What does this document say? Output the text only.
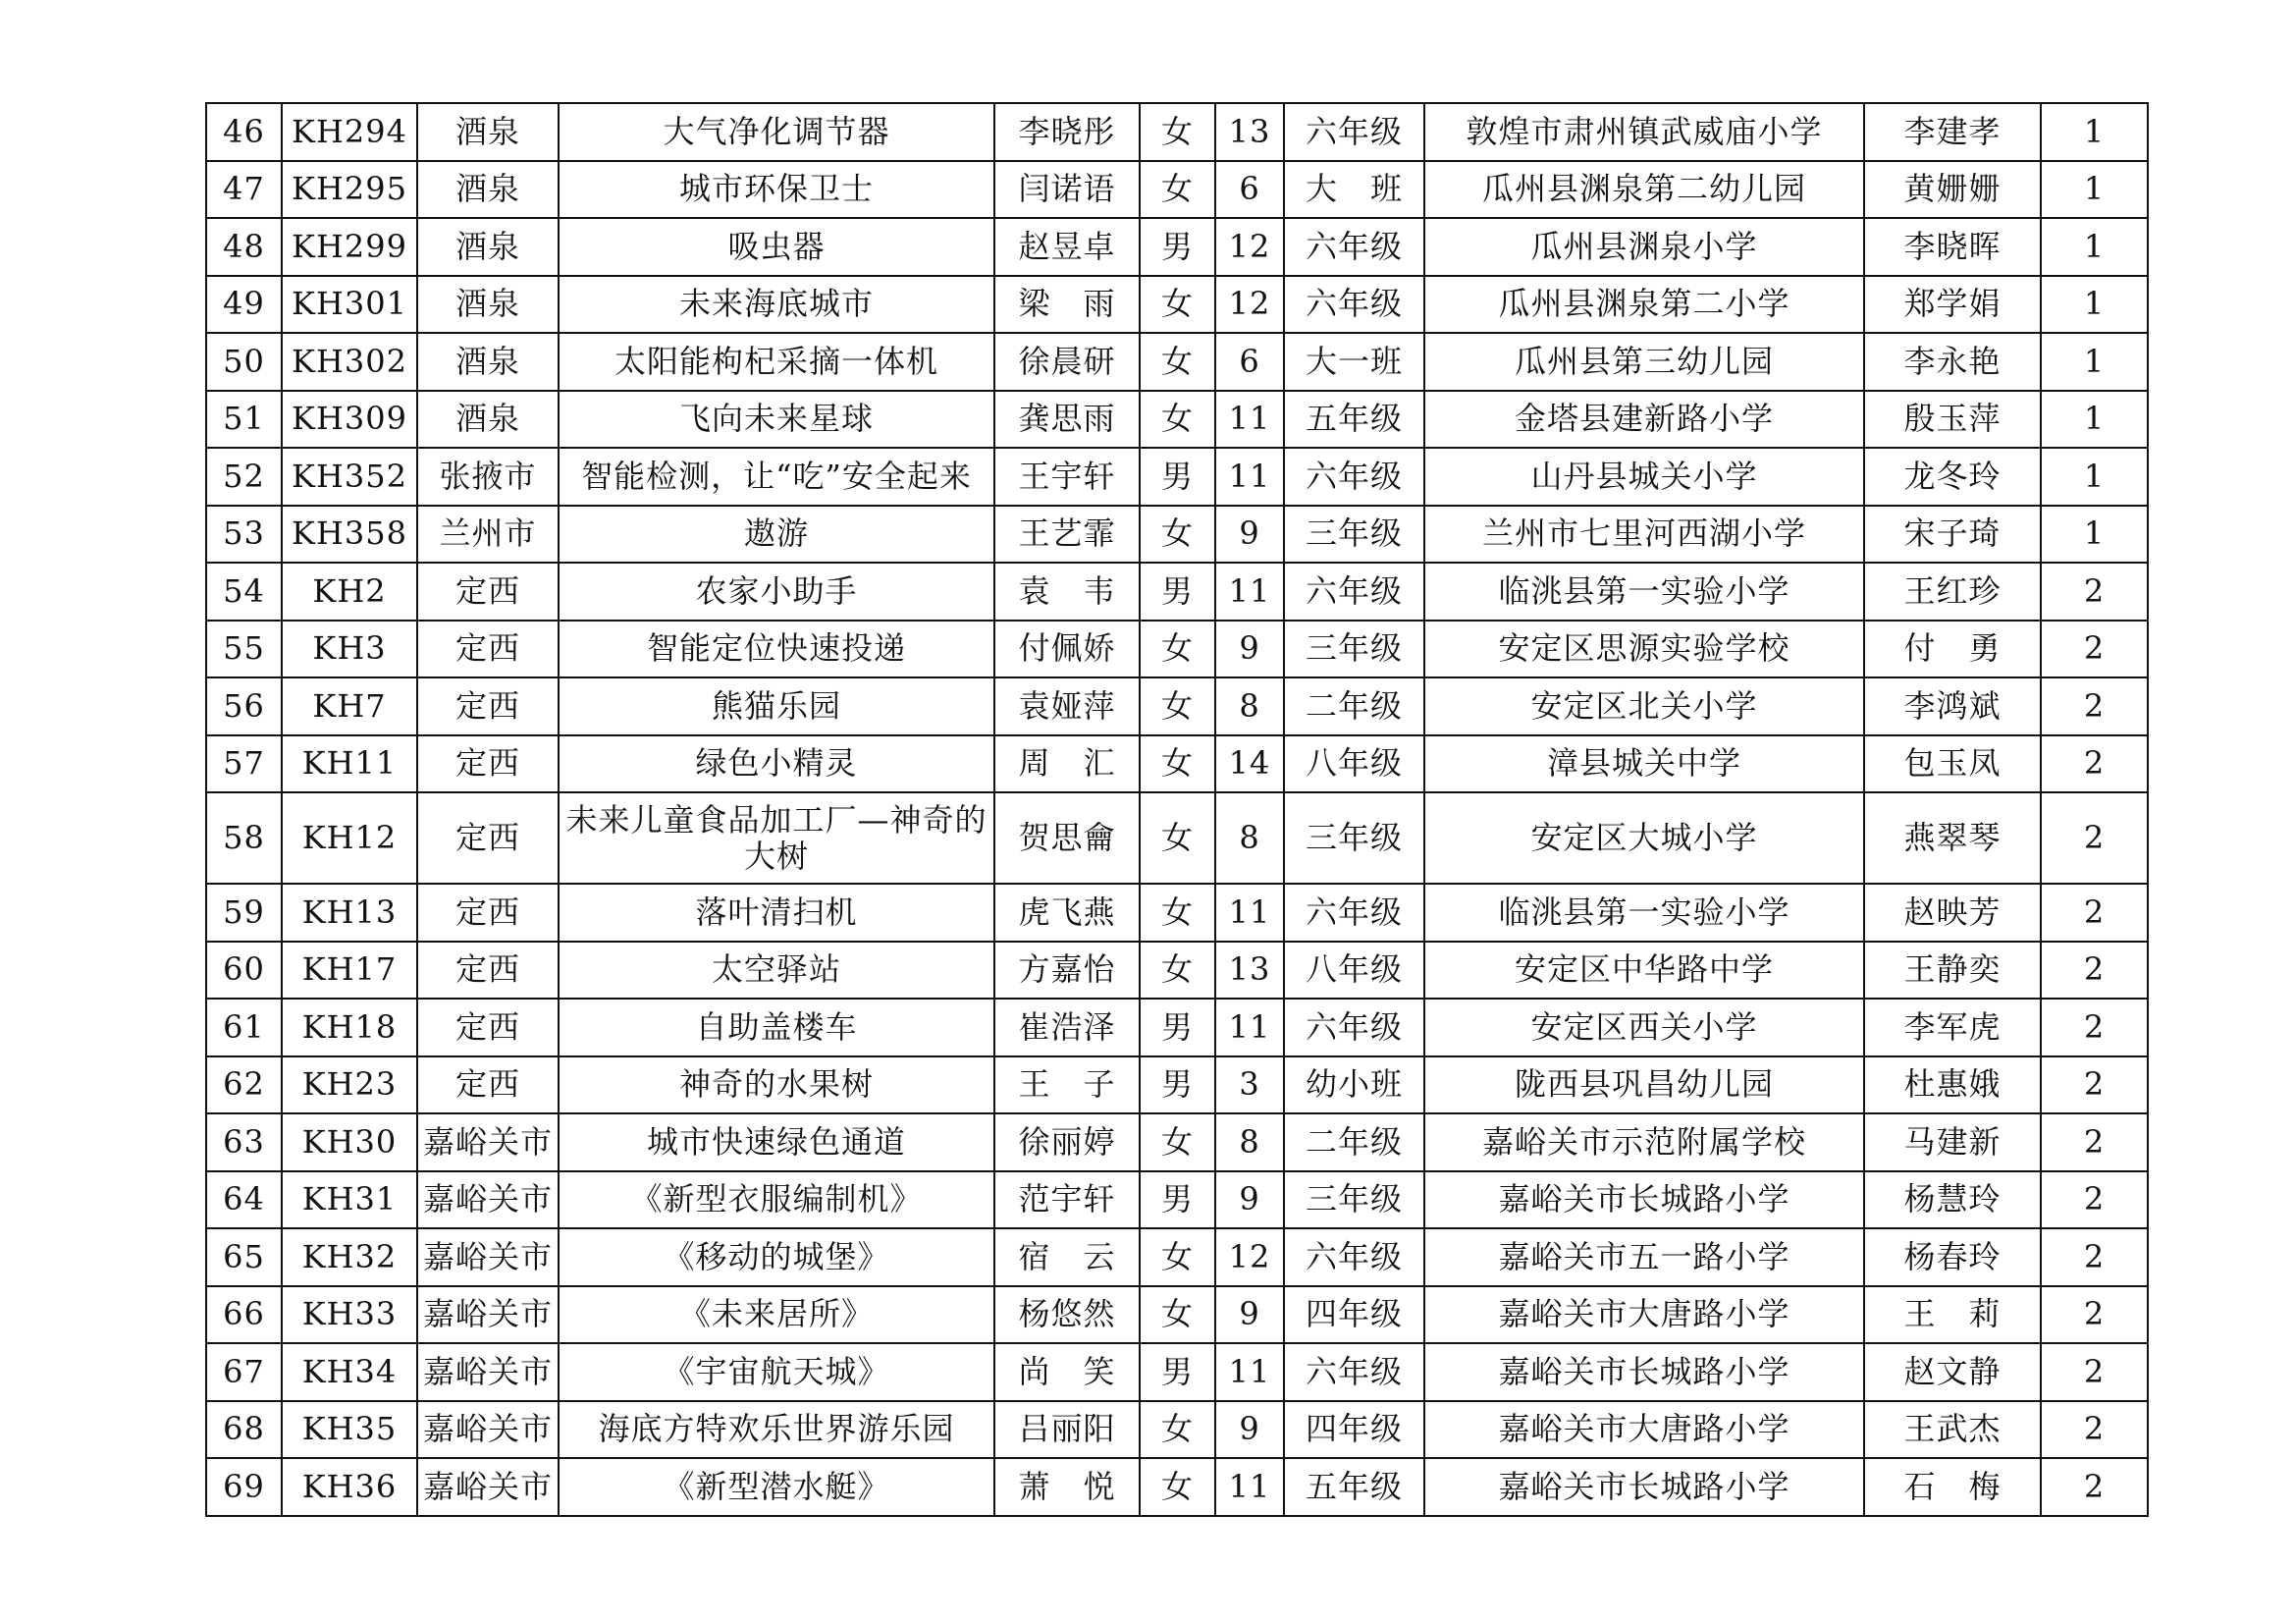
46	KH294	酒泉	大气净化调节器	李晓彤	女	13	六年级	敦煌市肃州镇武威庙小学	李建孝	1
47	KH295	酒泉	城市环保卫士	闫诺语	女	6	大　班	瓜州县渊泉第二幼儿园	黄姗姗	1
48	KH299	酒泉	吸虫器	赵昱卓	男	12	六年级	瓜州县渊泉小学	李晓晖	1
49	KH301	酒泉	未来海底城市	梁　雨	女	12	六年级	瓜州县渊泉第二小学	郑学娟	1
50	KH302	酒泉	太阳能枸杞采摘一体机	徐晨研	女	6	大一班	瓜州县第三幼儿园	李永艳	1
51	KH309	酒泉	飞向未来星球	龚思雨	女	11	五年级	金塔县建新路小学	殷玉萍	1
52	KH352	张掖市	智能检测，让“吃”安全起来	王宇轩	男	11	六年级	山丹县城关小学	龙冬玲	1
53	KH358	兰州市	遨游	王艺霏	女	9	三年级	兰州市七里河西湖小学	宋子琦	1
54	KH2	定西	农家小助手	袁　韦	男	11	六年级	临洮县第一实验小学	王红珍	2
55	KH3	定西	智能定位快速投递	付佩娇	女	9	三年级	安定区思源实验学校	付　勇	2
56	KH7	定西	熊猫乐园	袁娅萍	女	8	二年级	安定区北关小学	李鸿斌	2
57	KH11	定西	绿色小精灵	周　汇	女	14	八年级	漳县城关中学	包玉凤	2
58	KH12	定西	未来儿童食品加工厂—神奇的大树	贺思龠	女	8	三年级	安定区大城小学	燕翠琴	2
59	KH13	定西	落叶清扫机	虎飞燕	女	11	六年级	临洮县第一实验小学	赵映芳	2
60	KH17	定西	太空驿站	方嘉怡	女	13	八年级	安定区中华路中学	王静奕	2
61	KH18	定西	自助盖楼车	崔浩泽	男	11	六年级	安定区西关小学	李军虎	2
62	KH23	定西	神奇的水果树	王　子	男	3	幼小班	陇西县巩昌幼儿园	杜惠娥	2
63	KH30	嘉峪关市	城市快速绿色通道	徐丽婷	女	8	二年级	嘉峪关市示范附属学校	马建新	2
64	KH31	嘉峪关市	《新型衣服编制机》	范宇轩	男	9	三年级	嘉峪关市长城路小学	杨慧玲	2
65	KH32	嘉峪关市	《移动的城堡》	宿　云	女	12	六年级	嘉峪关市五一路小学	杨春玲	2
66	KH33	嘉峪关市	《未来居所》	杨悠然	女	9	四年级	嘉峪关市大唐路小学	王　莉	2
67	KH34	嘉峪关市	《宇宙航天城》	尚　笑	男	11	六年级	嘉峪关市长城路小学	赵文静	2
68	KH35	嘉峪关市	海底方特欢乐世界游乐园	吕丽阳	女	9	四年级	嘉峪关市大唐路小学	王武杰	2
69	KH36	嘉峪关市	《新型潜水艇》	萧　悦	女	11	五年级	嘉峪关市长城路小学	石　梅	2
